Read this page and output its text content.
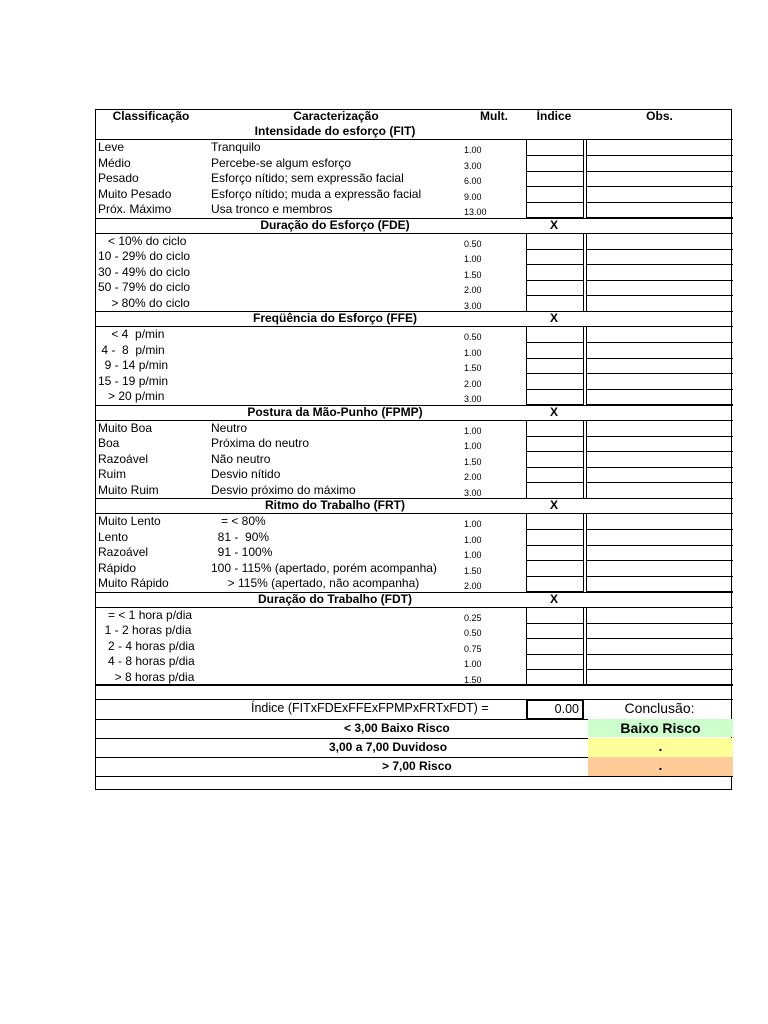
Classificação	Caracterização	Mult.	Índice	Obs.
Intensidade do esforço (FIT)
Leve	Tranquilo	1.00
Médio	Percebe-se algum esforço	3.00
Pesado	Esforço nítido; sem expressão facial	6.00
Muito Pesado	Esforço nítido; muda a expressão facial	9.00
Próx. Máximo	Usa tronco e membros	13.00
Duração do Esforço (FDE)	X
< 10% do ciclo	0.50
10 - 29% do ciclo	1.00
30 - 49% do ciclo	1.50
50 - 79% do ciclo	2.00
> 80% do ciclo	3.00
Freqüência do Esforço (FFE)	X
< 4  p/min	0.50
4 -  8  p/min	1.00
9 - 14 p/min	1.50
15 - 19 p/min	2.00
> 20 p/min	3.00
Postura da Mão-Punho (FPMP)	X
Muito Boa	Neutro	1.00
Boa	Próxima do neutro	1.00
Razoável	Não neutro	1.50
Ruim	Desvio nítido	2.00
Muito Ruim	Desvio próximo do máximo	3.00
Ritmo do Trabalho (FRT)	X
Muito Lento	= < 80%	1.00
Lento	81 -  90%	1.00
Razoável	91 - 100%	1.00
Rápido	100 - 115% (apertado, porém acompanha)	1.50
Muito Rápido	> 115% (apertado, não acompanha)	2.00
Duração do Trabalho (FDT)	X
= < 1 hora p/dia	0.25
1 - 2 horas p/dia	0.50
2 - 4 horas p/dia	0.75
4 - 8 horas p/dia	1.00
> 8 horas p/dia	1.50
Índice (FITxFDExFFExFPMPxFRTxFDT) =	0.00	Conclusão:
< 3,00 Baixo Risco	Baixo Risco
3,00 a 7,00 Duvidoso	.
> 7,00 Risco	.
